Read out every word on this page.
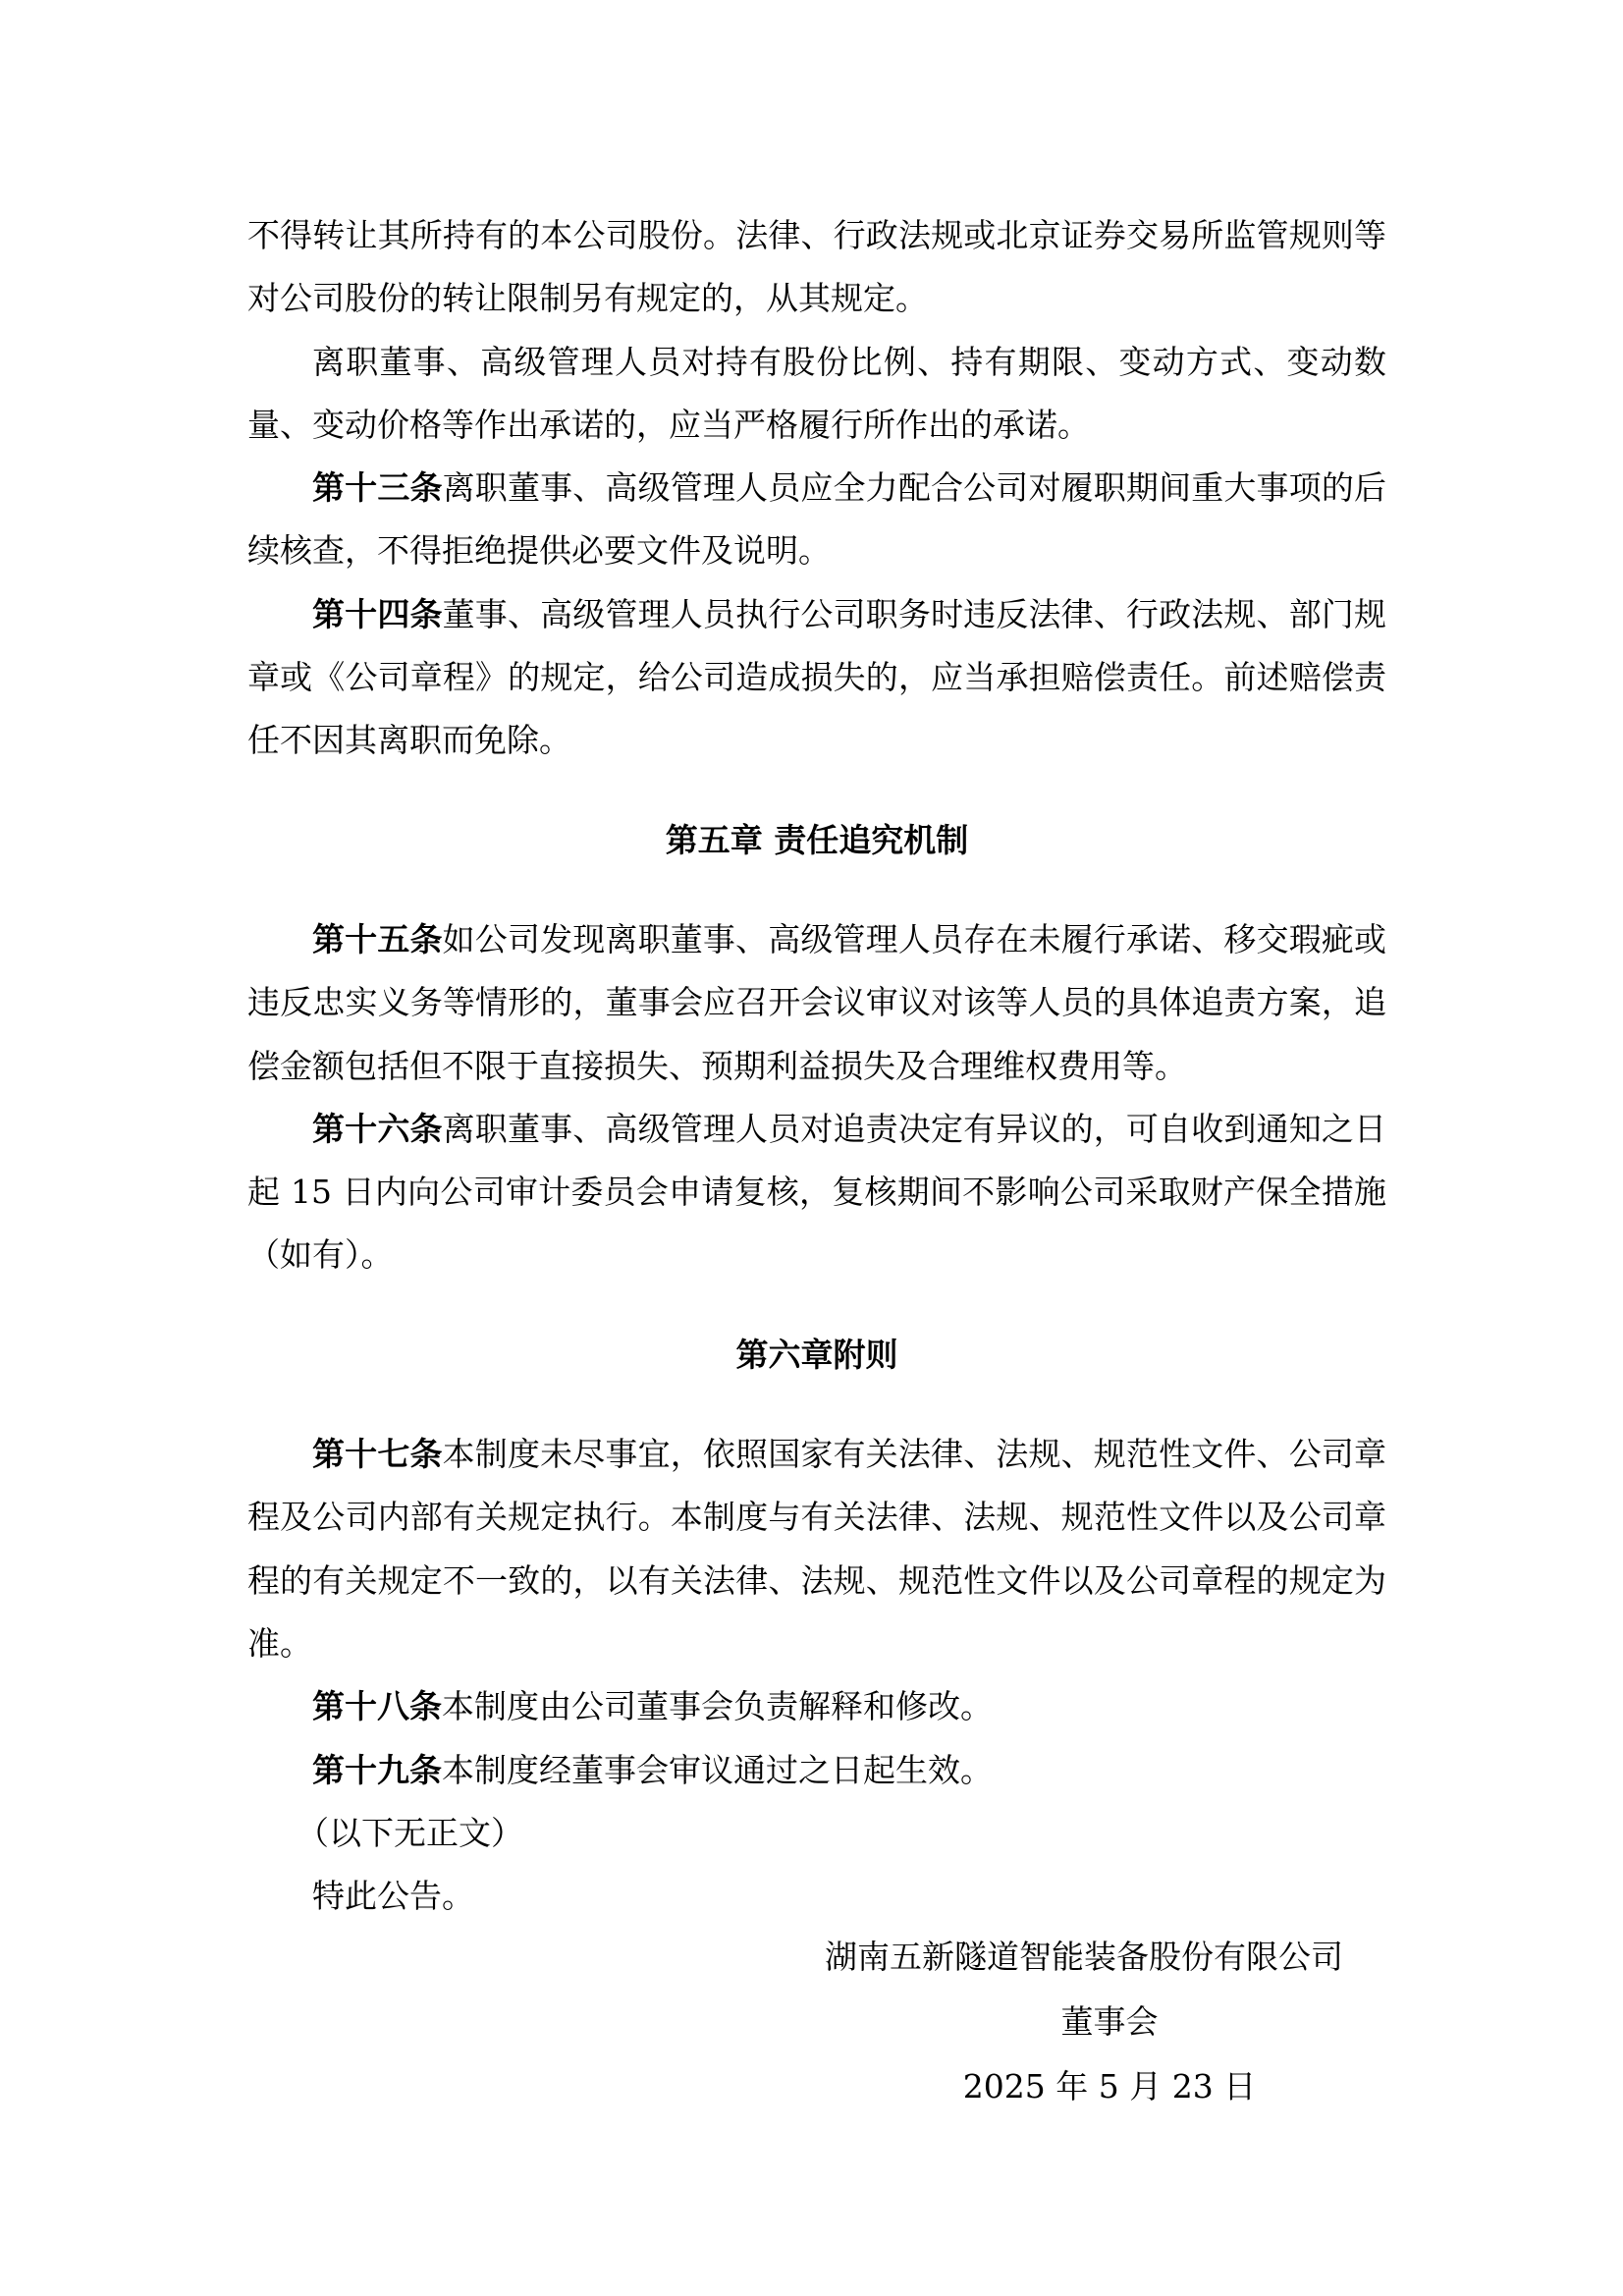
不得转让其所持有的本公司股份。法律、行政法规或北京证券交易所监管规则等对公司股份的转让限制另有规定的，从其规定。

离职董事、高级管理人员对持有股份比例、持有期限、变动方式、变动数量、变动价格等作出承诺的，应当严格履行所作出的承诺。

第十三条离职董事、高级管理人员应全力配合公司对履职期间重大事项的后续核查，不得拒绝提供必要文件及说明。

第十四条董事、高级管理人员执行公司职务时违反法律、行政法规、部门规章或《公司章程》的规定，给公司造成损失的，应当承担赔偿责任。前述赔偿责任不因其离职而免除。

第五章 责任追究机制

第十五条如公司发现离职董事、高级管理人员存在未履行承诺、移交瑕疵或违反忠实义务等情形的，董事会应召开会议审议对该等人员的具体追责方案，追偿金额包括但不限于直接损失、预期利益损失及合理维权费用等。

第十六条离职董事、高级管理人员对追责决定有异议的，可自收到通知之日起 15 日内向公司审计委员会申请复核，复核期间不影响公司采取财产保全措施（如有）。

第六章附则

第十七条本制度未尽事宜，依照国家有关法律、法规、规范性文件、公司章程及公司内部有关规定执行。本制度与有关法律、法规、规范性文件以及公司章程的有关规定不一致的，以有关法律、法规、规范性文件以及公司章程的规定为准。

第十八条本制度由公司董事会负责解释和修改。

第十九条本制度经董事会审议通过之日起生效。

（以下无正文）

特此公告。

湖南五新隧道智能装备股份有限公司
董事会
2025 年 5 月 23 日
